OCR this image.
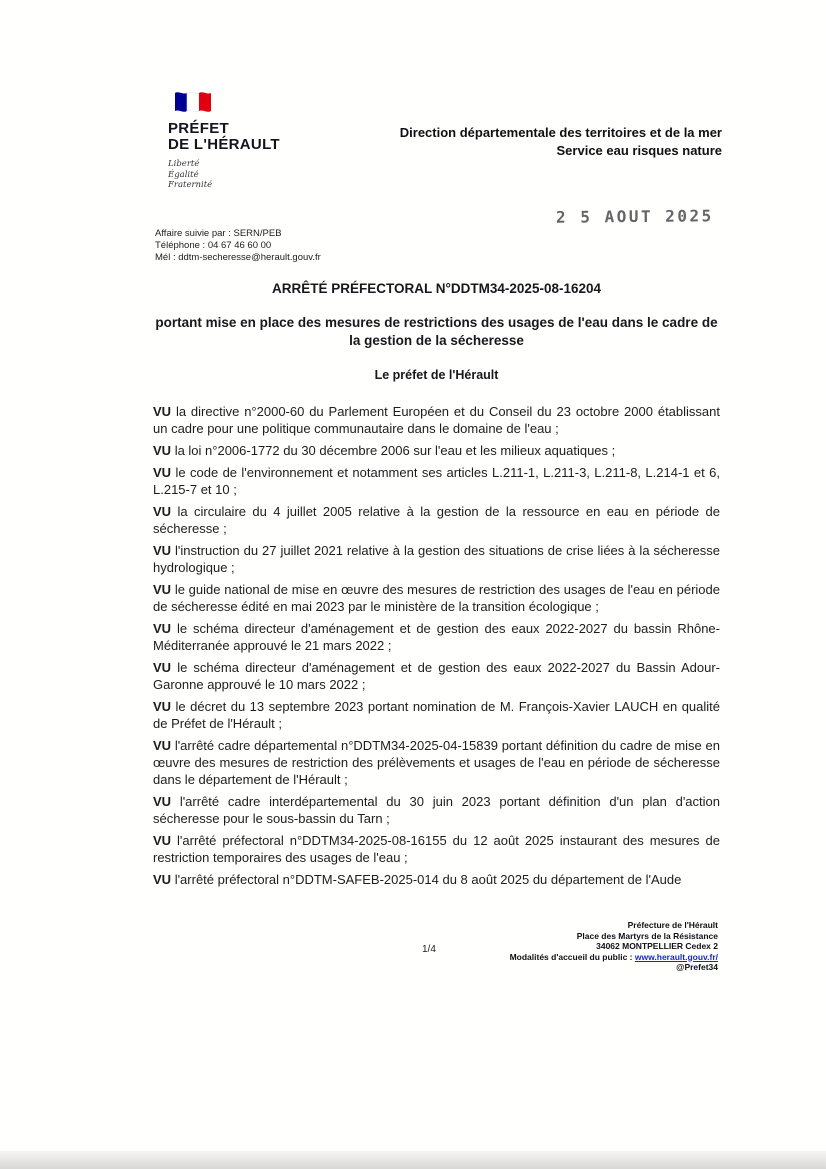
PRÉFET
DE L'HÉRAULT
Liberté
Égalité
Fraternité
Direction départementale des territoires et de la mer
Service eau risques nature
2 5 AOUT 2025
Affaire suivie par : SERN/PEB
Téléphone : 04 67 46 60 00
Mél : ddtm-secheresse@herault.gouv.fr
ARRÊTÉ PRÉFECTORAL N°DDTM34-2025-08-16204
portant mise en place des mesures de restrictions des usages de l'eau dans le cadre de la gestion de la sécheresse
Le préfet de l'Hérault

VU la directive n°2000-60 du Parlement Européen et du Conseil du 23 octobre 2000 établissant un cadre pour une politique communautaire dans le domaine de l'eau ;

VU la loi n°2006-1772 du 30 décembre 2006 sur l'eau et les milieux aquatiques ;

VU le code de l'environnement et notamment ses articles L.211-1, L.211-3, L.211-8, L.214-1 et 6, L.215-7 et 10 ;

VU la circulaire du 4 juillet 2005 relative à la gestion de la ressource en eau en période de sécheresse ;

VU l'instruction du 27 juillet 2021 relative à la gestion des situations de crise liées à la sécheresse hydrologique ;

VU le guide national de mise en œuvre des mesures de restriction des usages de l'eau en période de sécheresse édité en mai 2023 par le ministère de la transition écologique ;

VU le schéma directeur d'aménagement et de gestion des eaux 2022-2027 du bassin Rhône-Méditerranée approuvé le 21 mars 2022 ;

VU le schéma directeur d'aménagement et de gestion des eaux 2022-2027 du Bassin Adour-Garonne approuvé le 10 mars 2022 ;

VU le décret du 13 septembre 2023 portant nomination de M. François-Xavier LAUCH en qualité de Préfet de l'Hérault ;

VU l'arrêté cadre départemental n°DDTM34-2025-04-15839 portant définition du cadre de mise en œuvre des mesures de restriction des prélèvements et usages de l'eau en période de sécheresse dans le département de l'Hérault ;

VU l'arrêté cadre interdépartemental du 30 juin 2023 portant définition d'un plan d'action sécheresse pour le sous-bassin du Tarn ;

VU l'arrêté préfectoral n°DDTM34-2025-08-16155 du 12 août 2025 instaurant des mesures de restriction temporaires des usages de l'eau ;

VU l'arrêté préfectoral n°DDTM-SAFEB-2025-014 du 8 août 2025 du département de l'Aude

1/4
Préfecture de l'Hérault
Place des Martyrs de la Résistance
34062 MONTPELLIER Cedex 2
Modalités d'accueil du public : www.herault.gouv.fr/
@Prefet34
